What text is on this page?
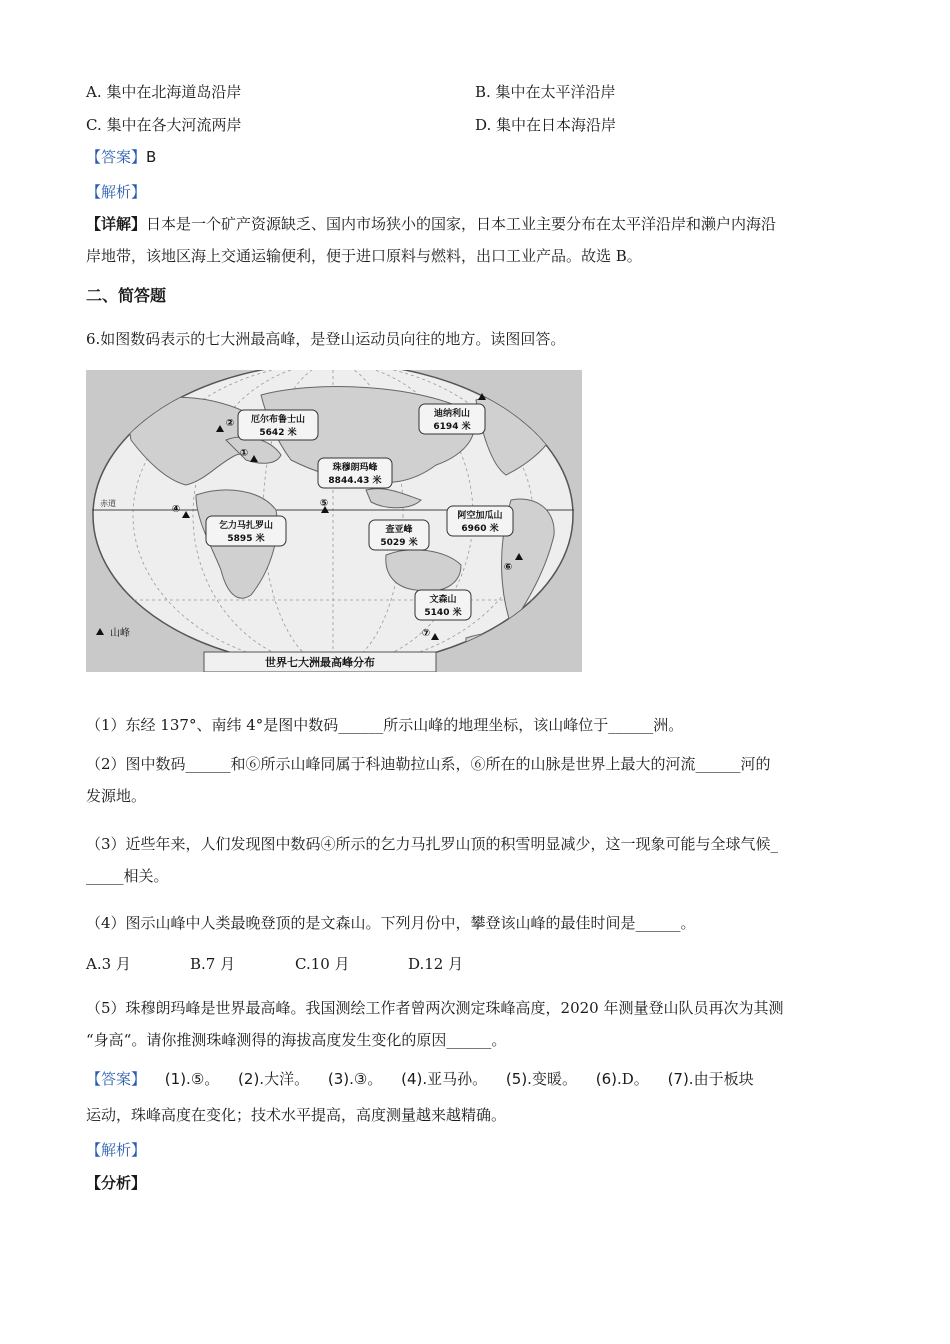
A. 集中在北海道岛沿岸	B. 集中在太平洋沿岸
C. 集中在各大河流两岸	D. 集中在日本海沿岸
【答案】B
【解析】
【详解】日本是一个矿产资源缺乏、国内市场狭小的国家，日本工业主要分布在太平洋沿岸和濑户内海沿
岸地带，该地区海上交通运输便利，便于进口原料与燃料，出口工业产品。故选 B。
二、简答题
6.如图数码表示的七大洲最高峰，是登山运动员向往的地方。读图回答。
赤道
厄尔布鲁士山
5642 米
②
迪纳利山
6194 米
珠穆朗玛峰
8844.43 米
①
乞力马扎罗山
5895 米
④
查亚峰
5029 米
⑤
阿空加瓜山
6960 米
⑥
文森山
5140 米
⑦
山峰
世界七大洲最高峰分布
（1）东经 137°、南纬 4°是图中数码______所示山峰的地理坐标，该山峰位于______洲。
（2）图中数码______和⑥所示山峰同属于科迪勒拉山系，⑥所在的山脉是世界上最大的河流______河的
发源地。
（3）近些年来，人们发现图中数码④所示的乞力马扎罗山顶的积雪明显减少，这一现象可能与全球气候_
_____相关。
（4）图示山峰中人类最晚登顶的是文森山。下列月份中，攀登该山峰的最佳时间是______。
A.3 月	B.7 月	C.10 月	D.12 月
（5）珠穆朗玛峰是世界最高峰。我国测绘工作者曾两次测定珠峰高度，2020 年测量登山队员再次为其测
“身高“。请你推测珠峰测得的海拔高度发生变化的原因______。
【答案】 (1).⑤。 (2).大洋。 (3).③。 (4).亚马孙。 (5).变暖。 (6).D。 (7).由于板块
运动，珠峰高度在变化；技术水平提高，高度测量越来越精确。
【解析】
【分析】
